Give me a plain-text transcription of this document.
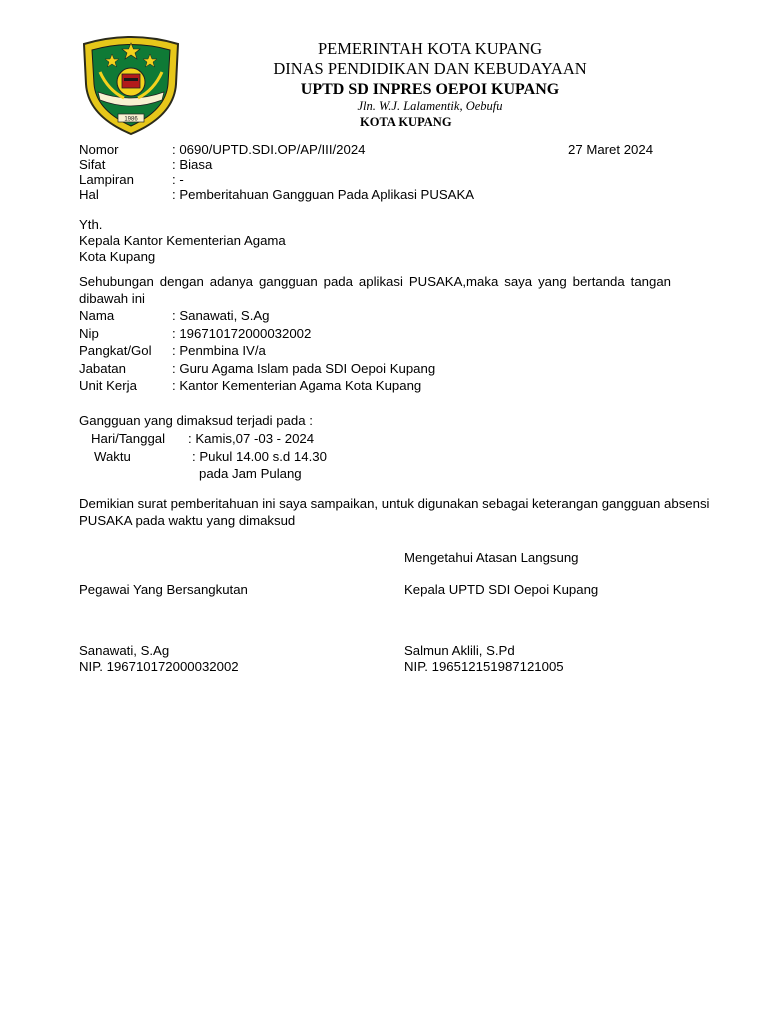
1986
PEMERINTAH KOTA KUPANG
DINAS PENDIDIKAN DAN KEBUDAYAAN
UPTD SD INPRES OEPOI KUPANG
Jln. W.J. Lalamentik, Oebufu
KOTA KUPANG
Nomor	: 0690/UPTD.SDI.OP/AP/III/2024	27 Maret 2024
Sifat	: Biasa
Lampiran	: -
Hal	: Pemberitahuan Gangguan Pada Aplikasi PUSAKA
Yth.
Kepala Kantor Kementerian Agama
Kota Kupang
Sehubungan dengan adanya gangguan pada aplikasi PUSAKA,maka saya yang bertanda tangan dibawah ini
Nama	: Sanawati, S.Ag
Nip	: 196710172000032002
Pangkat/Gol : Penmbina IV/a
Jabatan	: Guru Agama Islam pada SDI Oepoi Kupang
Unit Kerja	: Kantor Kementerian Agama Kota Kupang
Gangguan yang dimaksud terjadi pada :
Hari/Tanggal : Kamis,07 -03 - 2024
Waktu	: Pukul 14.00 s.d 14.30
pada Jam Pulang
Demikian surat pemberitahuan ini saya sampaikan, untuk digunakan sebagai keterangan gangguan absensi PUSAKA pada waktu yang dimaksud
Mengetahui Atasan Langsung
Pegawai Yang Bersangkutan	Kepala UPTD SDI Oepoi Kupang
Sanawati, S.Ag
NIP. 196710172000032002
Salmun Aklili, S.Pd
NIP. 196512151987121005
